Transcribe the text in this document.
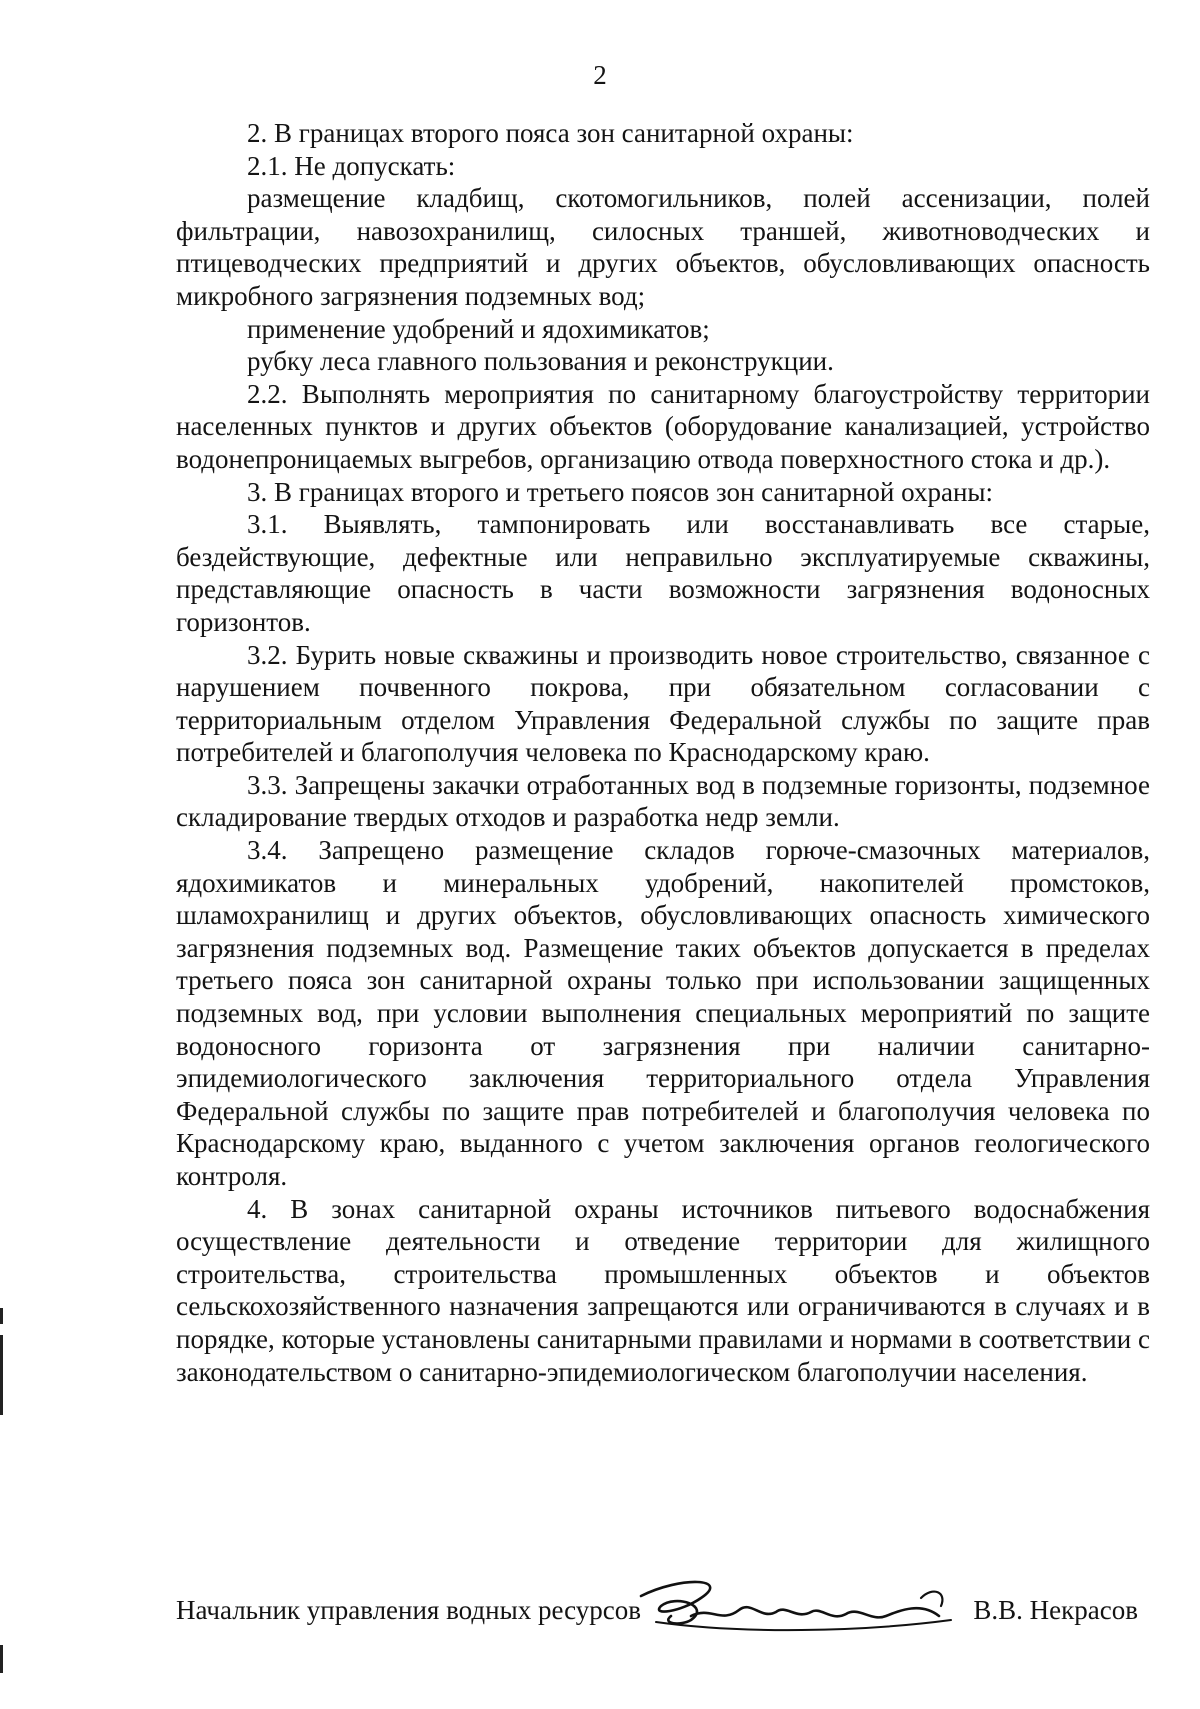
2

2. В границах второго пояса зон санитарной охраны:

2.1. Не допускать:

размещение кладбищ, скотомогильников, полей ассенизации, полей фильтрации, навозохранилищ, силосных траншей, животноводческих и птицеводческих предприятий и других объектов, обусловливающих опасность микробного загрязнения подземных вод;

применение удобрений и ядохимикатов;

рубку леса главного пользования и реконструкции.

2.2. Выполнять мероприятия по санитарному благоустройству территории населенных пунктов и других объектов (оборудование канализацией, устройство водонепроницаемых выгребов, организацию отвода поверхностного стока и др.).

3. В границах второго и третьего поясов зон санитарной охраны:

3.1. Выявлять, тампонировать или восстанавливать все старые, бездействующие, дефектные или неправильно эксплуатируемые скважины, представляющие опасность в части возможности загрязнения водоносных горизонтов.

3.2. Бурить новые скважины и производить новое строительство, связанное с нарушением почвенного покрова, при обязательном согласовании с территориальным отделом Управления Федеральной службы по защите прав потребителей и благополучия человека по Краснодарскому краю.

3.3. Запрещены закачки отработанных вод в подземные горизонты, подземное складирование твердых отходов и разработка недр земли.

3.4. Запрещено размещение складов горюче-смазочных материалов, ядохимикатов и минеральных удобрений, накопителей промстоков, шламохранилищ и других объектов, обусловливающих опасность химического загрязнения подземных вод. Размещение таких объектов допускается в пределах третьего пояса зон санитарной охраны только при использовании защищенных подземных вод, при условии выполнения специальных мероприятий по защите водоносного горизонта от загрязнения при наличии санитарно-эпидемиологического заключения территориального отдела Управления Федеральной службы по защите прав потребителей и благополучия человека по Краснодарскому краю, выданного с учетом заключения органов геологического контроля.

4. В зонах санитарной охраны источников питьевого водоснабжения осуществление деятельности и отведение территории для жилищного строительства, строительства промышленных объектов и объектов сельскохозяйственного назначения запрещаются или ограничиваются в случаях и в порядке, которые установлены санитарными правилами и нормами в соответствии с законодательством о санитарно-эпидемиологическом благополучии населения.

Начальник управления водных ресурсов	В.В. Некрасов
